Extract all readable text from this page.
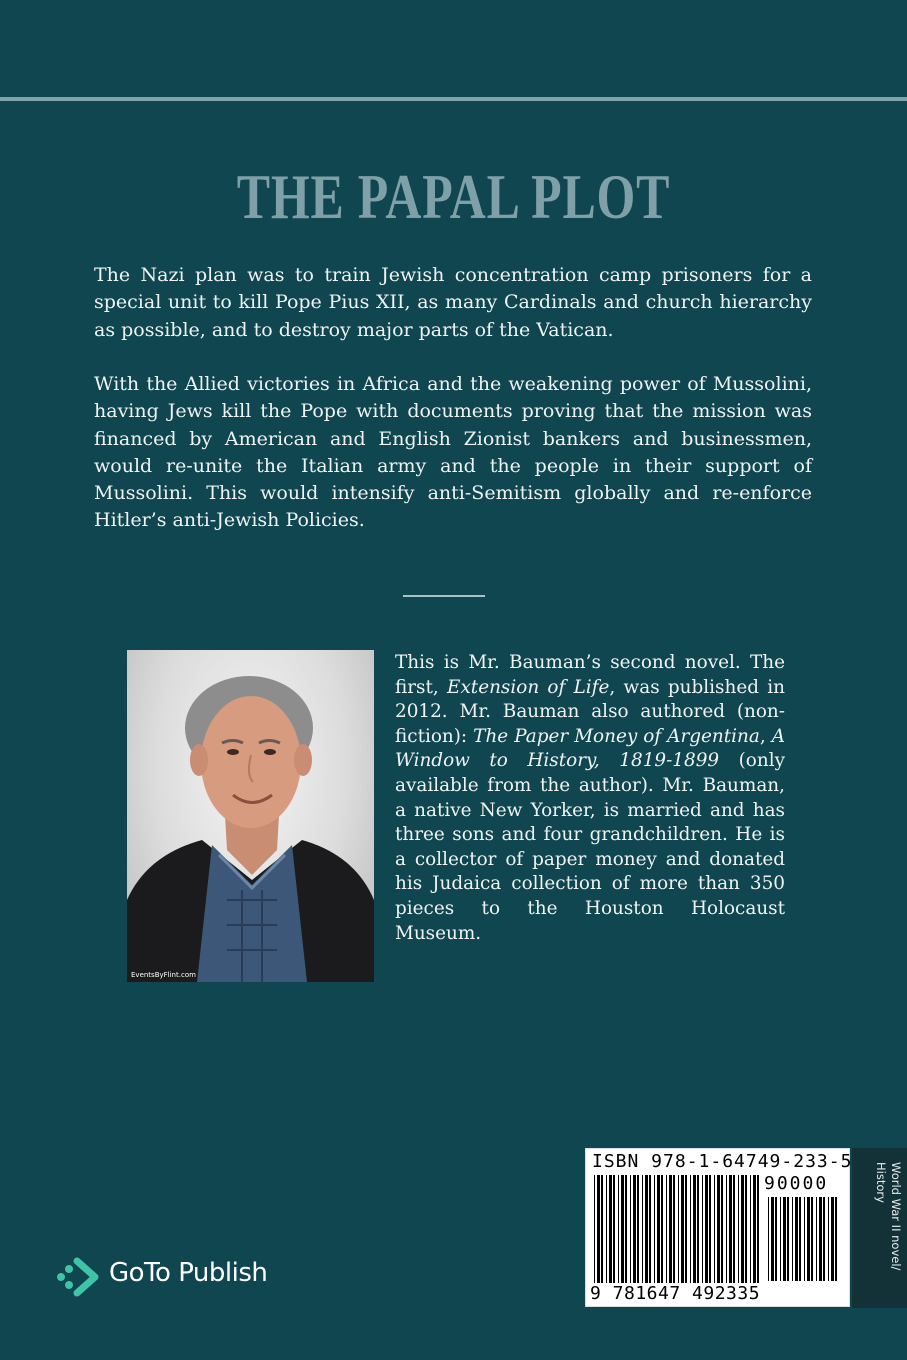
THE PAPAL PLOT

The Nazi plan was to train Jewish concentration camp prisoners for a special unit to kill Pope Pius XII, as many Cardinals and church hierarchy as possible, and to destroy major parts of the Vatican.

With the Allied victories in Africa and the weakening power of Mussolini, having Jews kill the Pope with documents proving that the mission was financed by American and English Zionist bankers and businessmen, would re-unite the Italian army and the people in their support of Mussolini. This would intensify anti-Semitism globally and re-enforce Hitler’s anti-Jewish Policies.

EventsByFlint.com

This is Mr. Bauman’s second novel. The first, Extension of Life, was published in 2012. Mr. Bauman also authored (non-fiction): The Paper Money of Argentina, A Window to History, 1819-1899 (only available from the author). Mr. Bauman, a native New Yorker, is married and has three sons and four grandchildren. He is a collector of paper money and donated his Judaica collection of more than 350 pieces to the Houston Holocaust Museum.

ISBN 978-1-64749-233-5
90000
9 781647 492335
World War II novel/ History
GoTo Publish
